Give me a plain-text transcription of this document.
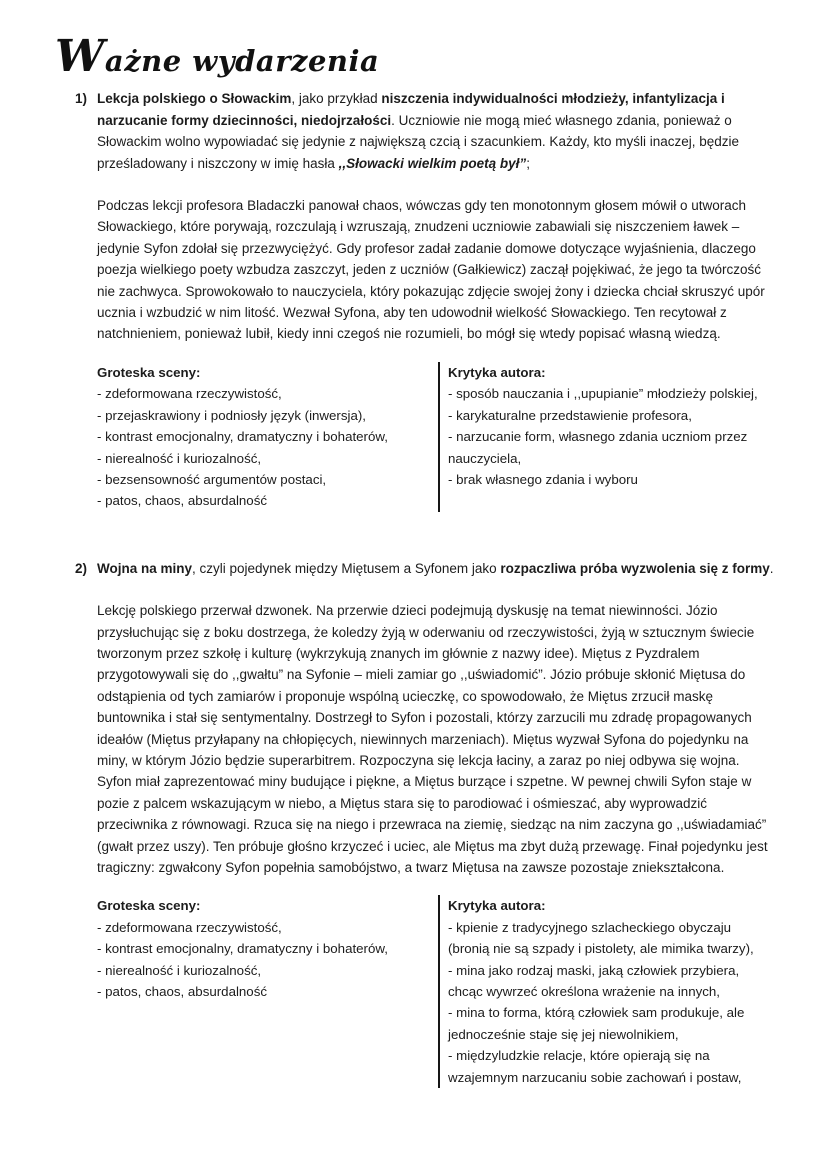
Ważne wydarzenia
1) Lekcja polskiego o Słowackim, jako przykład niszczenia indywidualności młodzieży, infantylizacja i narzucanie formy dziecinności, niedojrzałości. Uczniowie nie mogą mieć własnego zdania, ponieważ o Słowackim wolno wypowiadać się jedynie z największą czcią i szacunkiem. Każdy, kto myśli inaczej, będzie prześladowany i niszczony w imię hasła ,,Słowacki wielkim poetą był”;

Podczas lekcji profesora Bladaczki panował chaos, wówczas gdy ten monotonnym głosem mówił o utworach Słowackiego, które porywają, rozczulają i wzruszają, znudzeni uczniowie zabawiali się niszczeniem ławek – jedynie Syfon zdołał się przezwyciężyć. Gdy profesor zadał zadanie domowe dotyczące wyjaśnienia, dlaczego poezja wielkiego poety wzbudza zaszczyt, jeden z uczniów (Gałkiewicz) zaczął pojękiwać, że jego ta twórczość nie zachwyca. Sprowokowało to nauczyciela, który pokazując zdjęcie swojej żony i dziecka chciał skruszyć upór ucznia i wzbudzić w nim litość. Wezwał Syfona, aby ten udowodnił wielkość Słowackiego. Ten recytował z natchnieniem, ponieważ lubił, kiedy inni czegoś nie rozumieli, bo mógł się wtedy popisać własną wiedzą.

Groteska sceny:
- zdeformowana rzeczywistość,
- przejaskrawiony i podniosły język (inwersja),
- kontrast emocjonalny, dramatyczny i bohaterów,
- nierealność i kuriozalność,
- bezsensowność argumentów postaci,
- patos, chaos, absurdalność
Krytyka autora:
- sposób nauczania i ,,upupianie” młodzieży polskiej,
- karykaturalne przedstawienie profesora,
- narzucanie form, własnego zdania uczniom przez nauczyciela,
- brak własnego zdania i wyboru
2) Wojna na miny, czyli pojedynek między Miętusem a Syfonem jako rozpaczliwa próba wyzwolenia się z formy.

Lekcję polskiego przerwał dzwonek. Na przerwie dzieci podejmują dyskusję na temat niewinności. Józio przysłuchując się z boku dostrzega, że koledzy żyją w oderwaniu od rzeczywistości, żyją w sztucznym świecie tworzonym przez szkołę i kulturę (wykrzykują znanych im głównie z nazwy idee). Miętus z Pyzdralem przygotowywali się do ,,gwałtu” na Syfonie – mieli zamiar go ,,uświadomić”. Józio próbuje skłonić Miętusa do odstąpienia od tych zamiarów i proponuje wspólną ucieczkę, co spowodowało, że Miętus zrzucił maskę buntownika i stał się sentymentalny. Dostrzegł to Syfon i pozostali, którzy zarzucili mu zdradę propagowanych ideałów (Miętus przyłapany na chłopięcych, niewinnych marzeniach). Miętus wyzwał Syfona do pojedynku na miny, w którym Józio będzie superarbitrem. Rozpoczyna się lekcja łaciny, a zaraz po niej odbywa się wojna. Syfon miał zaprezentować miny budujące i piękne, a Miętus burzące i szpetne. W pewnej chwili Syfon staje w pozie z palcem wskazującym w niebo, a Miętus stara się to parodiować i ośmieszać, aby wyprowadzić przeciwnika z równowagi. Rzuca się na niego i przewraca na ziemię, siedząc na nim zaczyna go ,,uświadamiać” (gwałt przez uszy). Ten próbuje głośno krzyczeć i uciec, ale Miętus ma zbyt dużą przewagę. Finał pojedynku jest tragiczny: zgwałcony Syfon popełnia samobójstwo, a twarz Miętusa na zawsze pozostaje zniekształcona.

Groteska sceny:
- zdeformowana rzeczywistość,
- kontrast emocjonalny, dramatyczny i bohaterów,
- nierealność i kuriozalność,
- patos, chaos, absurdalność
Krytyka autora:
- kpienie z tradycyjnego szlacheckiego obyczaju (bronią nie są szpady i pistolety, ale mimika twarzy),
- mina jako rodzaj maski, jaką człowiek przybiera, chcąc wywrzeć określona wrażenie na innych,
- mina to forma, którą człowiek sam produkuje, ale jednocześnie staje się jej niewolnikiem,
- międzyludzkie relacje, które opierają się na wzajemnym narzucaniu sobie zachowań i postaw,
